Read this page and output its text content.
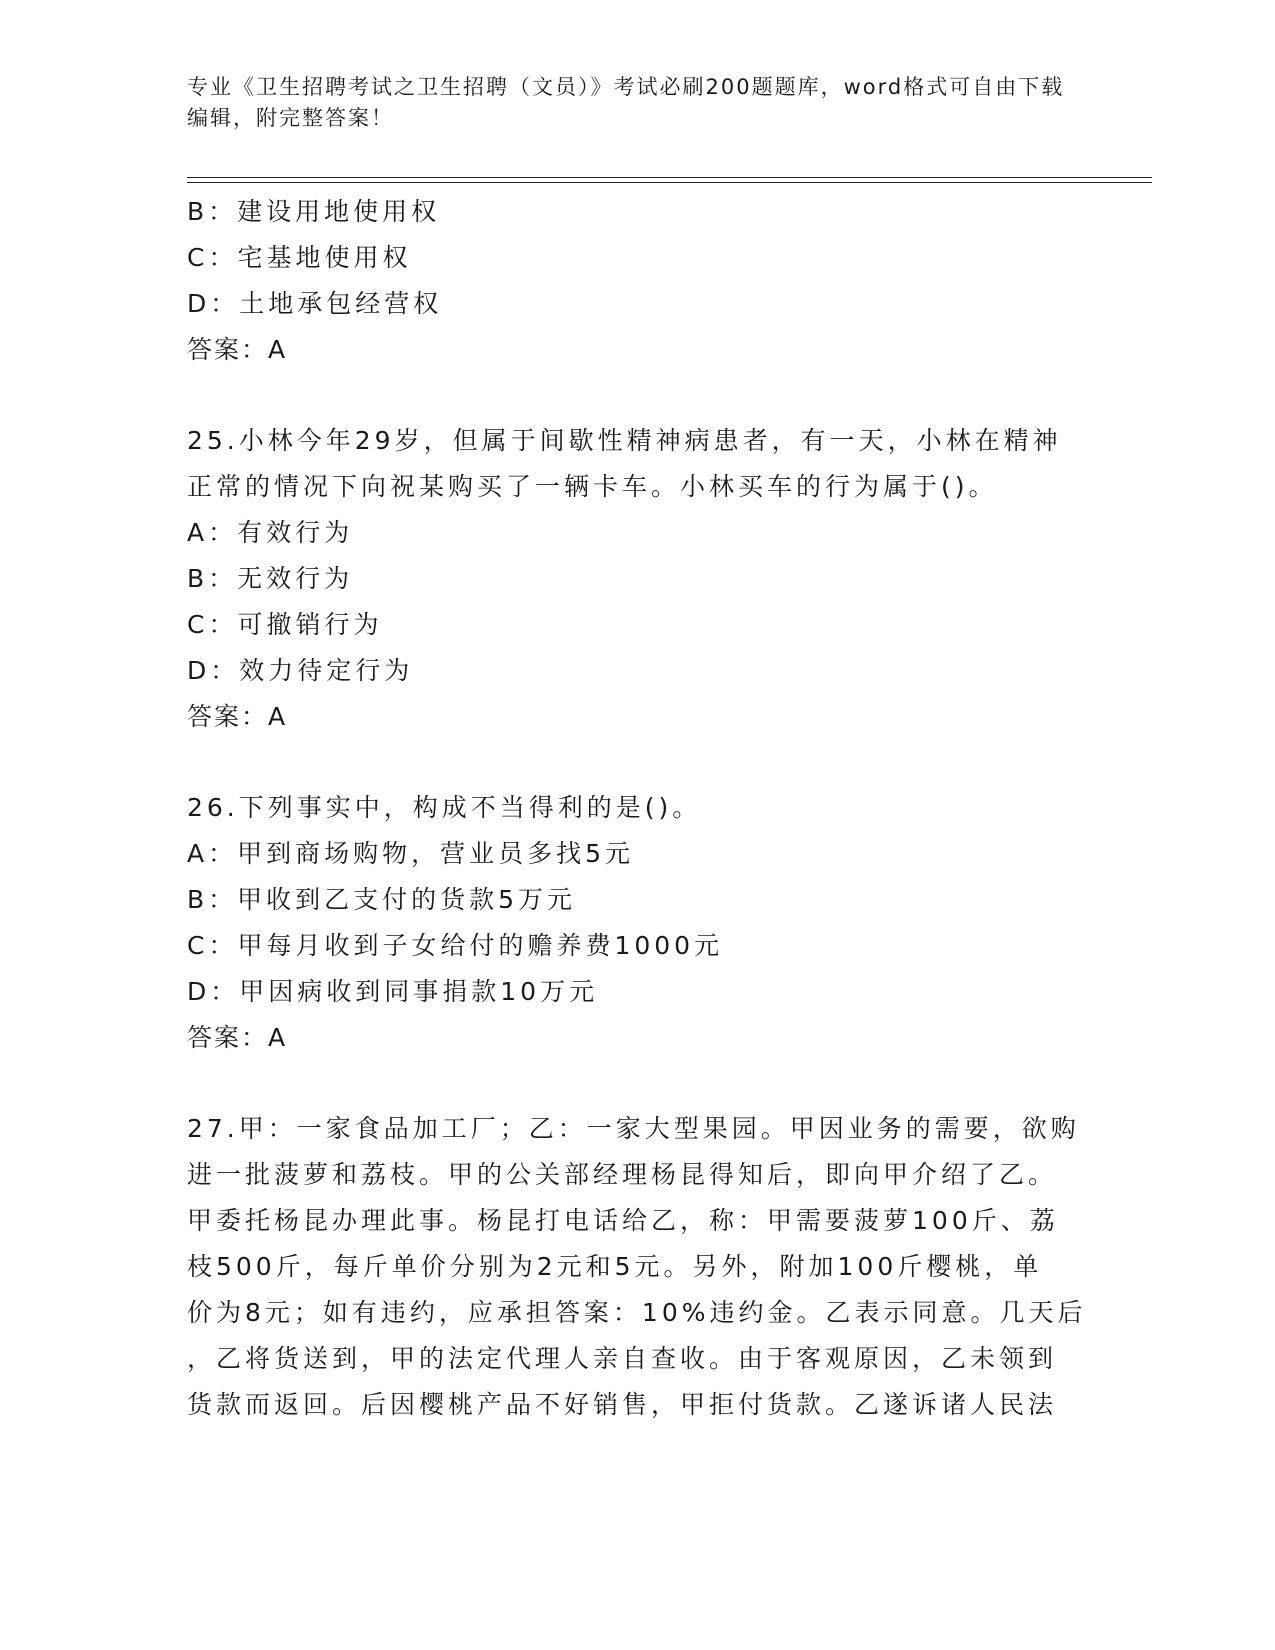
专业《卫生招聘考试之卫生招聘（文员）》考试必刷200题题库，word格式可自由下载编辑，附完整答案！
B：建设用地使用权
C：宅基地使用权
D：土地承包经营权
答案：A
25.小林今年29岁，但属于间歇性精神病患者，有一天，小林在精神
正常的情况下向祝某购买了一辆卡车。小林买车的行为属于()。
A：有效行为
B：无效行为
C：可撤销行为
D：效力待定行为
答案：A
26.下列事实中，构成不当得利的是()。
A：甲到商场购物，营业员多找5元
B：甲收到乙支付的货款5万元
C：甲每月收到子女给付的赡养费1000元
D：甲因病收到同事捐款10万元
答案：A
27.甲：一家食品加工厂；乙：一家大型果园。甲因业务的需要，欲购
进一批菠萝和荔枝。甲的公关部经理杨昆得知后，即向甲介绍了乙。
甲委托杨昆办理此事。杨昆打电话给乙，称：甲需要菠萝100斤、荔
枝500斤，每斤单价分别为2元和5元。另外，附加100斤樱桃，单
价为8元；如有违约，应承担答案：10%违约金。乙表示同意。几天后
，乙将货送到，甲的法定代理人亲自查收。由于客观原因，乙未领到
货款而返回。后因樱桃产品不好销售，甲拒付货款。乙遂诉诸人民法
